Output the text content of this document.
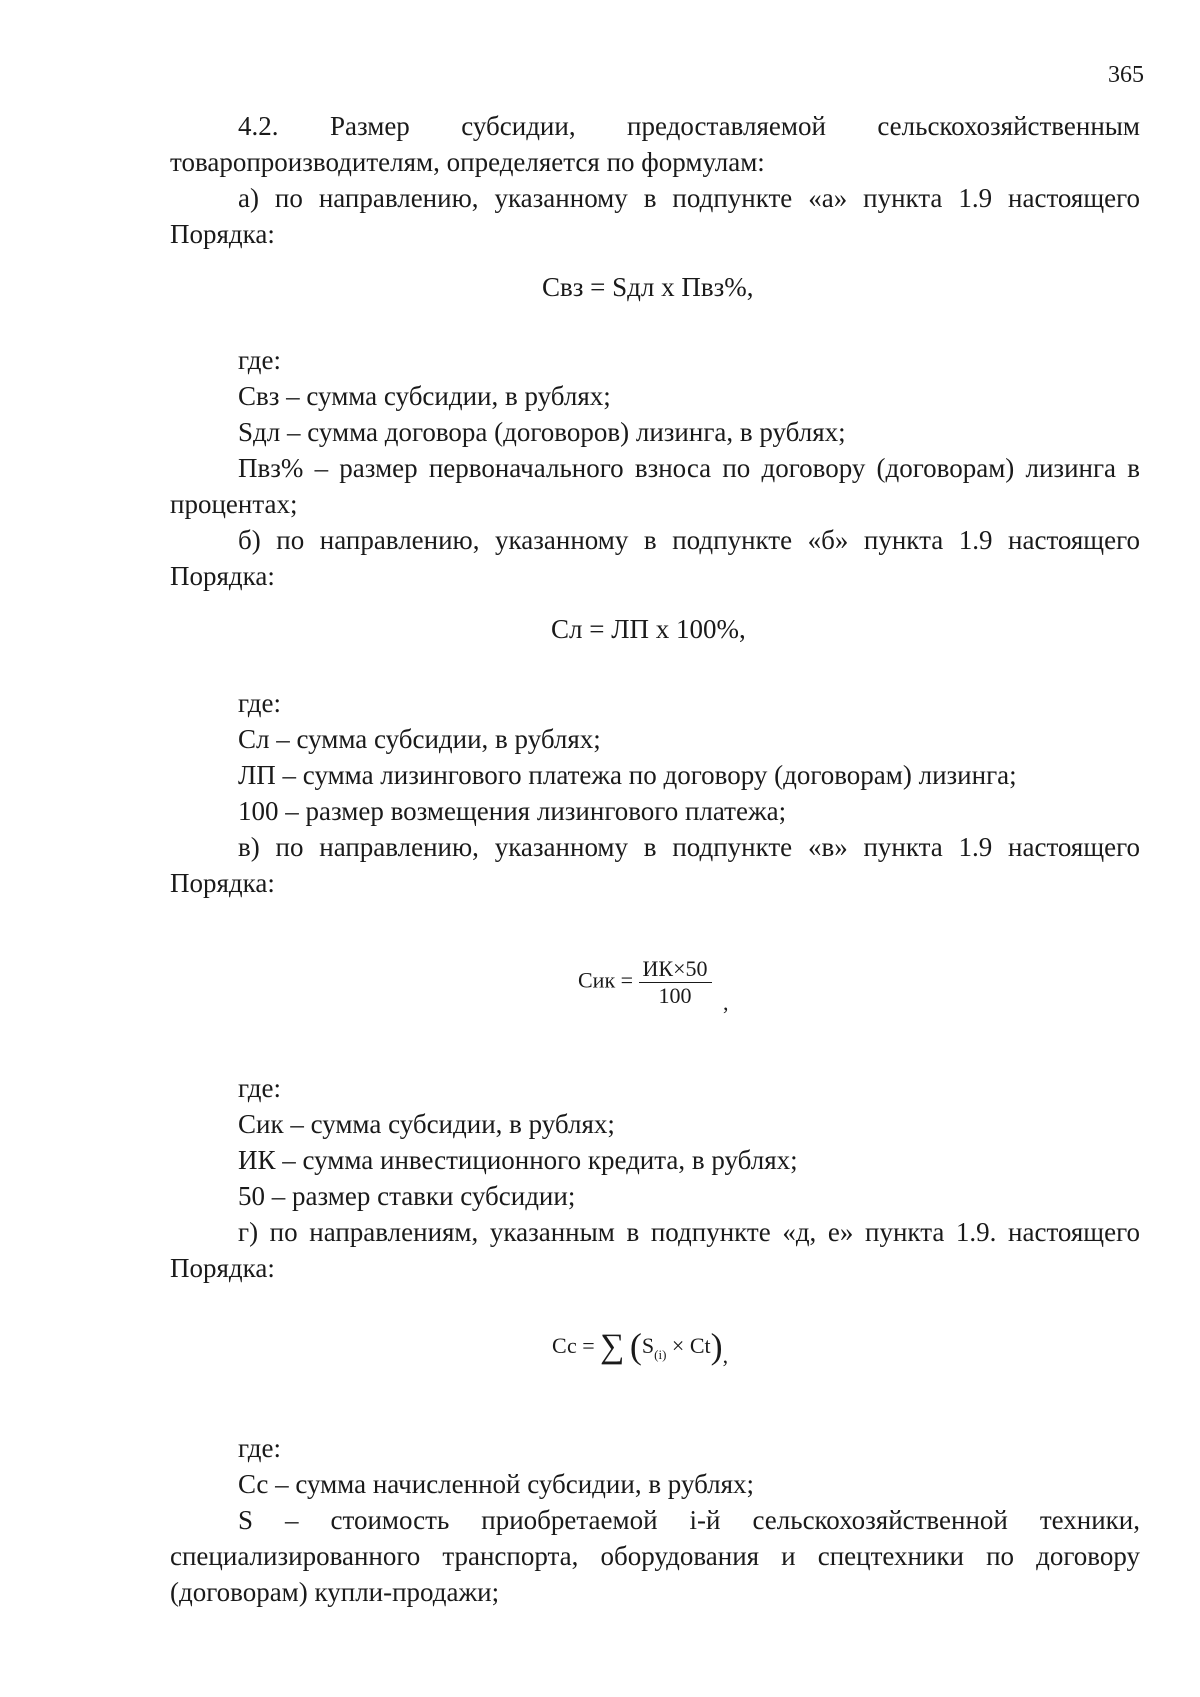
365
4.2. Размер субсидии, предоставляемой сельскохозяйственным товаропроизводителям, определяется по формулам:
а) по направлению, указанному в подпункте «а» пункта 1.9 настоящего Порядка:
Свз = Sдл х Пвз%,
где:
Свз – сумма субсидии, в рублях;
Sдл – сумма договора (договоров) лизинга, в рублях;
Пвз% – размер первоначального взноса по договору (договорам) лизинга в процентах;
б) по направлению, указанному в подпункте «б» пункта 1.9 настоящего Порядка:
Сл = ЛП х 100%,
где:
Сл – сумма субсидии, в рублях;
ЛП – сумма лизингового платежа по договору (договорам) лизинга;
100 – размер возмещения лизингового платежа;
в) по направлению, указанному в подпункте «в» пункта 1.9 настоящего Порядка:
Сик = $\frac{ИК\times 50}{100}$ ,
где:
Сик – сумма субсидии, в рублях;
ИК – сумма инвестиционного кредита, в рублях;
50 – размер ставки субсидии;
г) по направлениям, указанным в подпункте «д, е» пункта 1.9. настоящего Порядка:
Сс = ∑ $(S_{(i)} \times Ct)$,
где:
Сс – сумма начисленной субсидии, в рублях;
S – стоимость приобретаемой i-й сельскохозяйственной техники, специализированного транспорта, оборудования и спецтехники по договору (договорам) купли-продажи;
